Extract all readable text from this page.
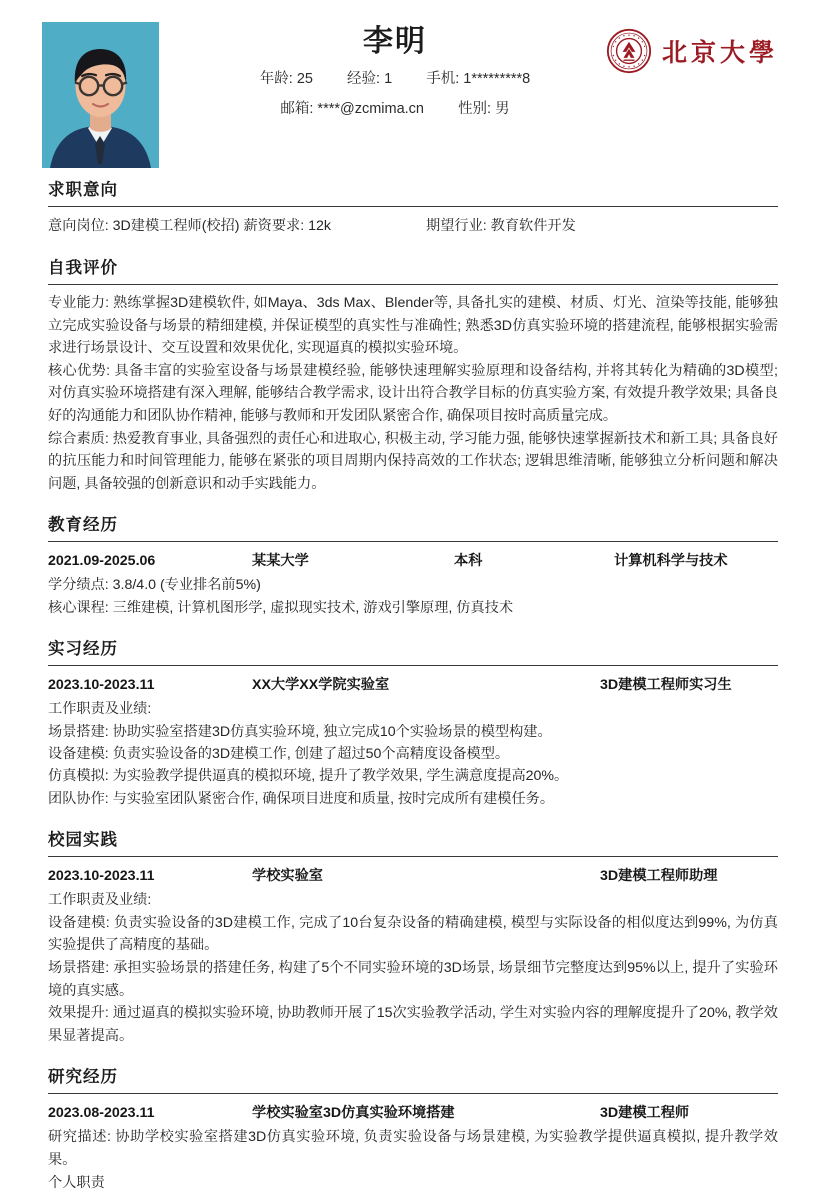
李明
年龄: 25 经验: 1 手机: 1*********8
邮箱: ****@zcmima.cn 性别: 男
北京大學
求职意向
意向岗位: 3D建模工程师(校招) 薪资要求: 12k	期望行业: 教育软件开发
自我评价
专业能力: 熟练掌握3D建模软件, 如Maya、3ds Max、Blender等, 具备扎实的建模、材质、灯光、渲染等技能, 能够独立完成实验设备与场景的精细建模, 并保证模型的真实性与准确性; 熟悉3D仿真实验环境的搭建流程, 能够根据实验需求进行场景设计、交互设置和效果优化, 实现逼真的模拟实验环境。
核心优势: 具备丰富的实验室设备与场景建模经验, 能够快速理解实验原理和设备结构, 并将其转化为精确的3D模型; 对仿真实验环境搭建有深入理解, 能够结合教学需求, 设计出符合教学目标的仿真实验方案, 有效提升教学效果; 具备良好的沟通能力和团队协作精神, 能够与教师和开发团队紧密合作, 确保项目按时高质量完成。
综合素质: 热爱教育事业, 具备强烈的责任心和进取心, 积极主动, 学习能力强, 能够快速掌握新技术和新工具; 具备良好的抗压能力和时间管理能力, 能够在紧张的项目周期内保持高效的工作状态; 逻辑思维清晰, 能够独立分析问题和解决问题, 具备较强的创新意识和动手实践能力。
教育经历
2021.09-2025.06	某某大学	本科	计算机科学与技术
学分绩点: 3.8/4.0 (专业排名前5%)
核心课程: 三维建模, 计算机图形学, 虚拟现实技术, 游戏引擎原理, 仿真技术
实习经历
2023.10-2023.11	XX大学XX学院实验室	3D建模工程师实习生
工作职责及业绩:
场景搭建: 协助实验室搭建3D仿真实验环境, 独立完成10个实验场景的模型构建。
设备建模: 负责实验设备的3D建模工作, 创建了超过50个高精度设备模型。
仿真模拟: 为实验教学提供逼真的模拟环境, 提升了教学效果, 学生满意度提高20%。
团队协作: 与实验室团队紧密合作, 确保项目进度和质量, 按时完成所有建模任务。
校园实践
2023.10-2023.11	学校实验室	3D建模工程师助理
工作职责及业绩:
设备建模: 负责实验设备的3D建模工作, 完成了10台复杂设备的精确建模, 模型与实际设备的相似度达到99%, 为仿真实验提供了高精度的基础。
场景搭建: 承担实验场景的搭建任务, 构建了5个不同实验环境的3D场景, 场景细节完整度达到95%以上, 提升了实验环境的真实感。
效果提升: 通过逼真的模拟实验环境, 协助教师开展了15次实验教学活动, 学生对实验内容的理解度提升了20%, 教学效果显著提高。
研究经历
2023.08-2023.11	学校实验室3D仿真实验环境搭建	3D建模工程师
研究描述: 协助学校实验室搭建3D仿真实验环境, 负责实验设备与场景建模, 为实验教学提供逼真模拟, 提升教学效果。
个人职责
